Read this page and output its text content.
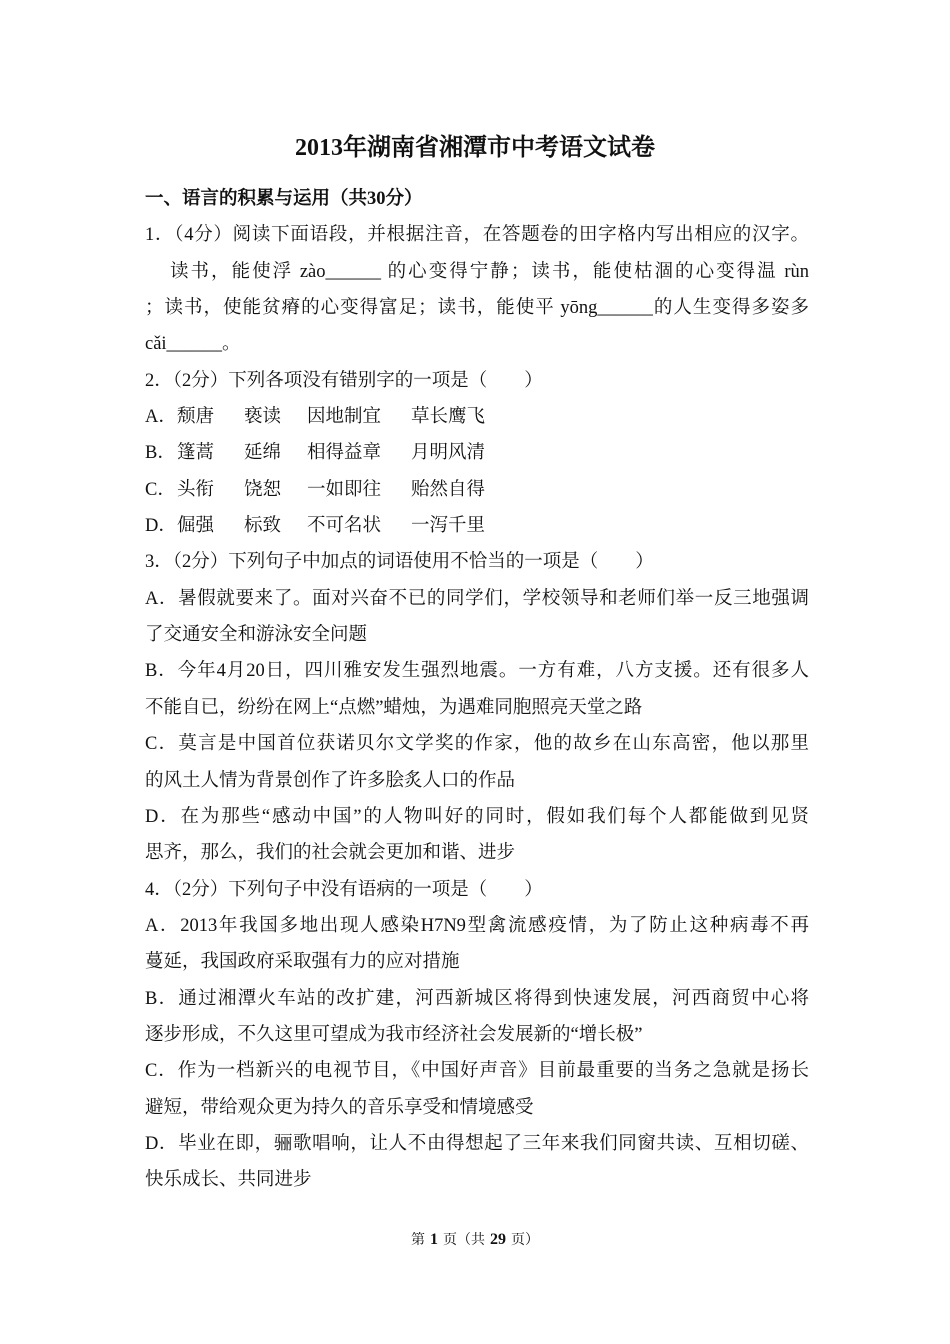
2013年湖南省湘潭市中考语文试卷
一、语言的积累与运用（共30分）
1．（4分）阅读下面语段，并根据注音，在答题卷的田字格内写出相应的汉字。
读书，能使浮 zào______ 的心变得宁静；读书，能使枯涸的心变得温 rùn
；读书，使能贫瘠的心变得富足；读书，能使平 yōng______的人生变得多姿多
cǎi______。
2．（2分）下列各项没有错别字的一项是（　　）
A． 颓唐	亵读	因地制宜	草长鹰飞
B． 篷蒿	延绵	相得益章	月明风清
C． 头衔	饶恕	一如即往	贻然自得
D． 倔强	标致	不可名状	一泻千里
3．（2分）下列句子中加点的词语使用不恰当的一项是（　　）
A．暑假就要来了。面对兴奋不已的同学们，学校领导和老师们举一反三地强调
了交通安全和游泳安全问题
B．今年4月20日，四川雅安发生强烈地震。一方有难，八方支援。还有很多人
不能自已，纷纷在网上“点燃”蜡烛，为遇难同胞照亮天堂之路
C．莫言是中国首位获诺贝尔文学奖的作家，他的故乡在山东高密，他以那里
的风土人情为背景创作了许多脍炙人口的作品
D．在为那些“感动中国”的人物叫好的同时，假如我们每个人都能做到见贤
思齐，那么，我们的社会就会更加和谐、进步
4．（2分）下列句子中没有语病的一项是（　　）
A．2013年我国多地出现人感染H7N9型禽流感疫情，为了防止这种病毒不再
蔓延，我国政府采取强有力的应对措施
B．通过湘潭火车站的改扩建，河西新城区将得到快速发展，河西商贸中心将
逐步形成，不久这里可望成为我市经济社会发展新的“增长极”
C．作为一档新兴的电视节目，《中国好声音》目前最重要的当务之急就是扬长
避短，带给观众更为持久的音乐享受和情境感受
D．毕业在即，骊歌唱响，让人不由得想起了三年来我们同窗共读、互相切磋、
快乐成长、共同进步
第 1 页（共 29 页）
